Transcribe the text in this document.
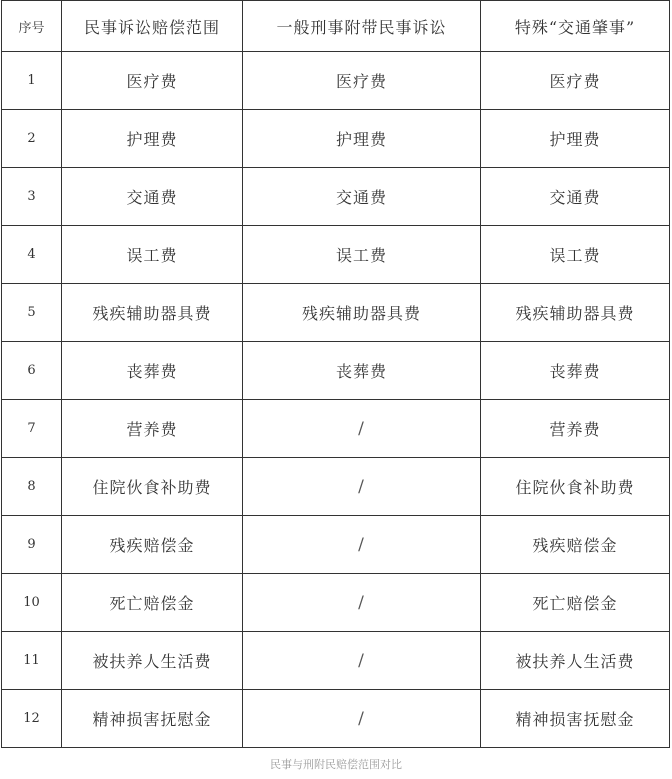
序号	民事诉讼赔偿范围	一般刑事附带民事诉讼	特殊“交通肇事”
1	医疗费	医疗费	医疗费
2	护理费	护理费	护理费
3	交通费	交通费	交通费
4	误工费	误工费	误工费
5	残疾辅助器具费	残疾辅助器具费	残疾辅助器具费
6	丧葬费	丧葬费	丧葬费
7	营养费	/	营养费
8	住院伙食补助费	/	住院伙食补助费
9	残疾赔偿金	/	残疾赔偿金
10	死亡赔偿金	/	死亡赔偿金
11	被扶养人生活费	/	被扶养人生活费
12	精神损害抚慰金	/	精神损害抚慰金
民事与刑附民赔偿范围对比
